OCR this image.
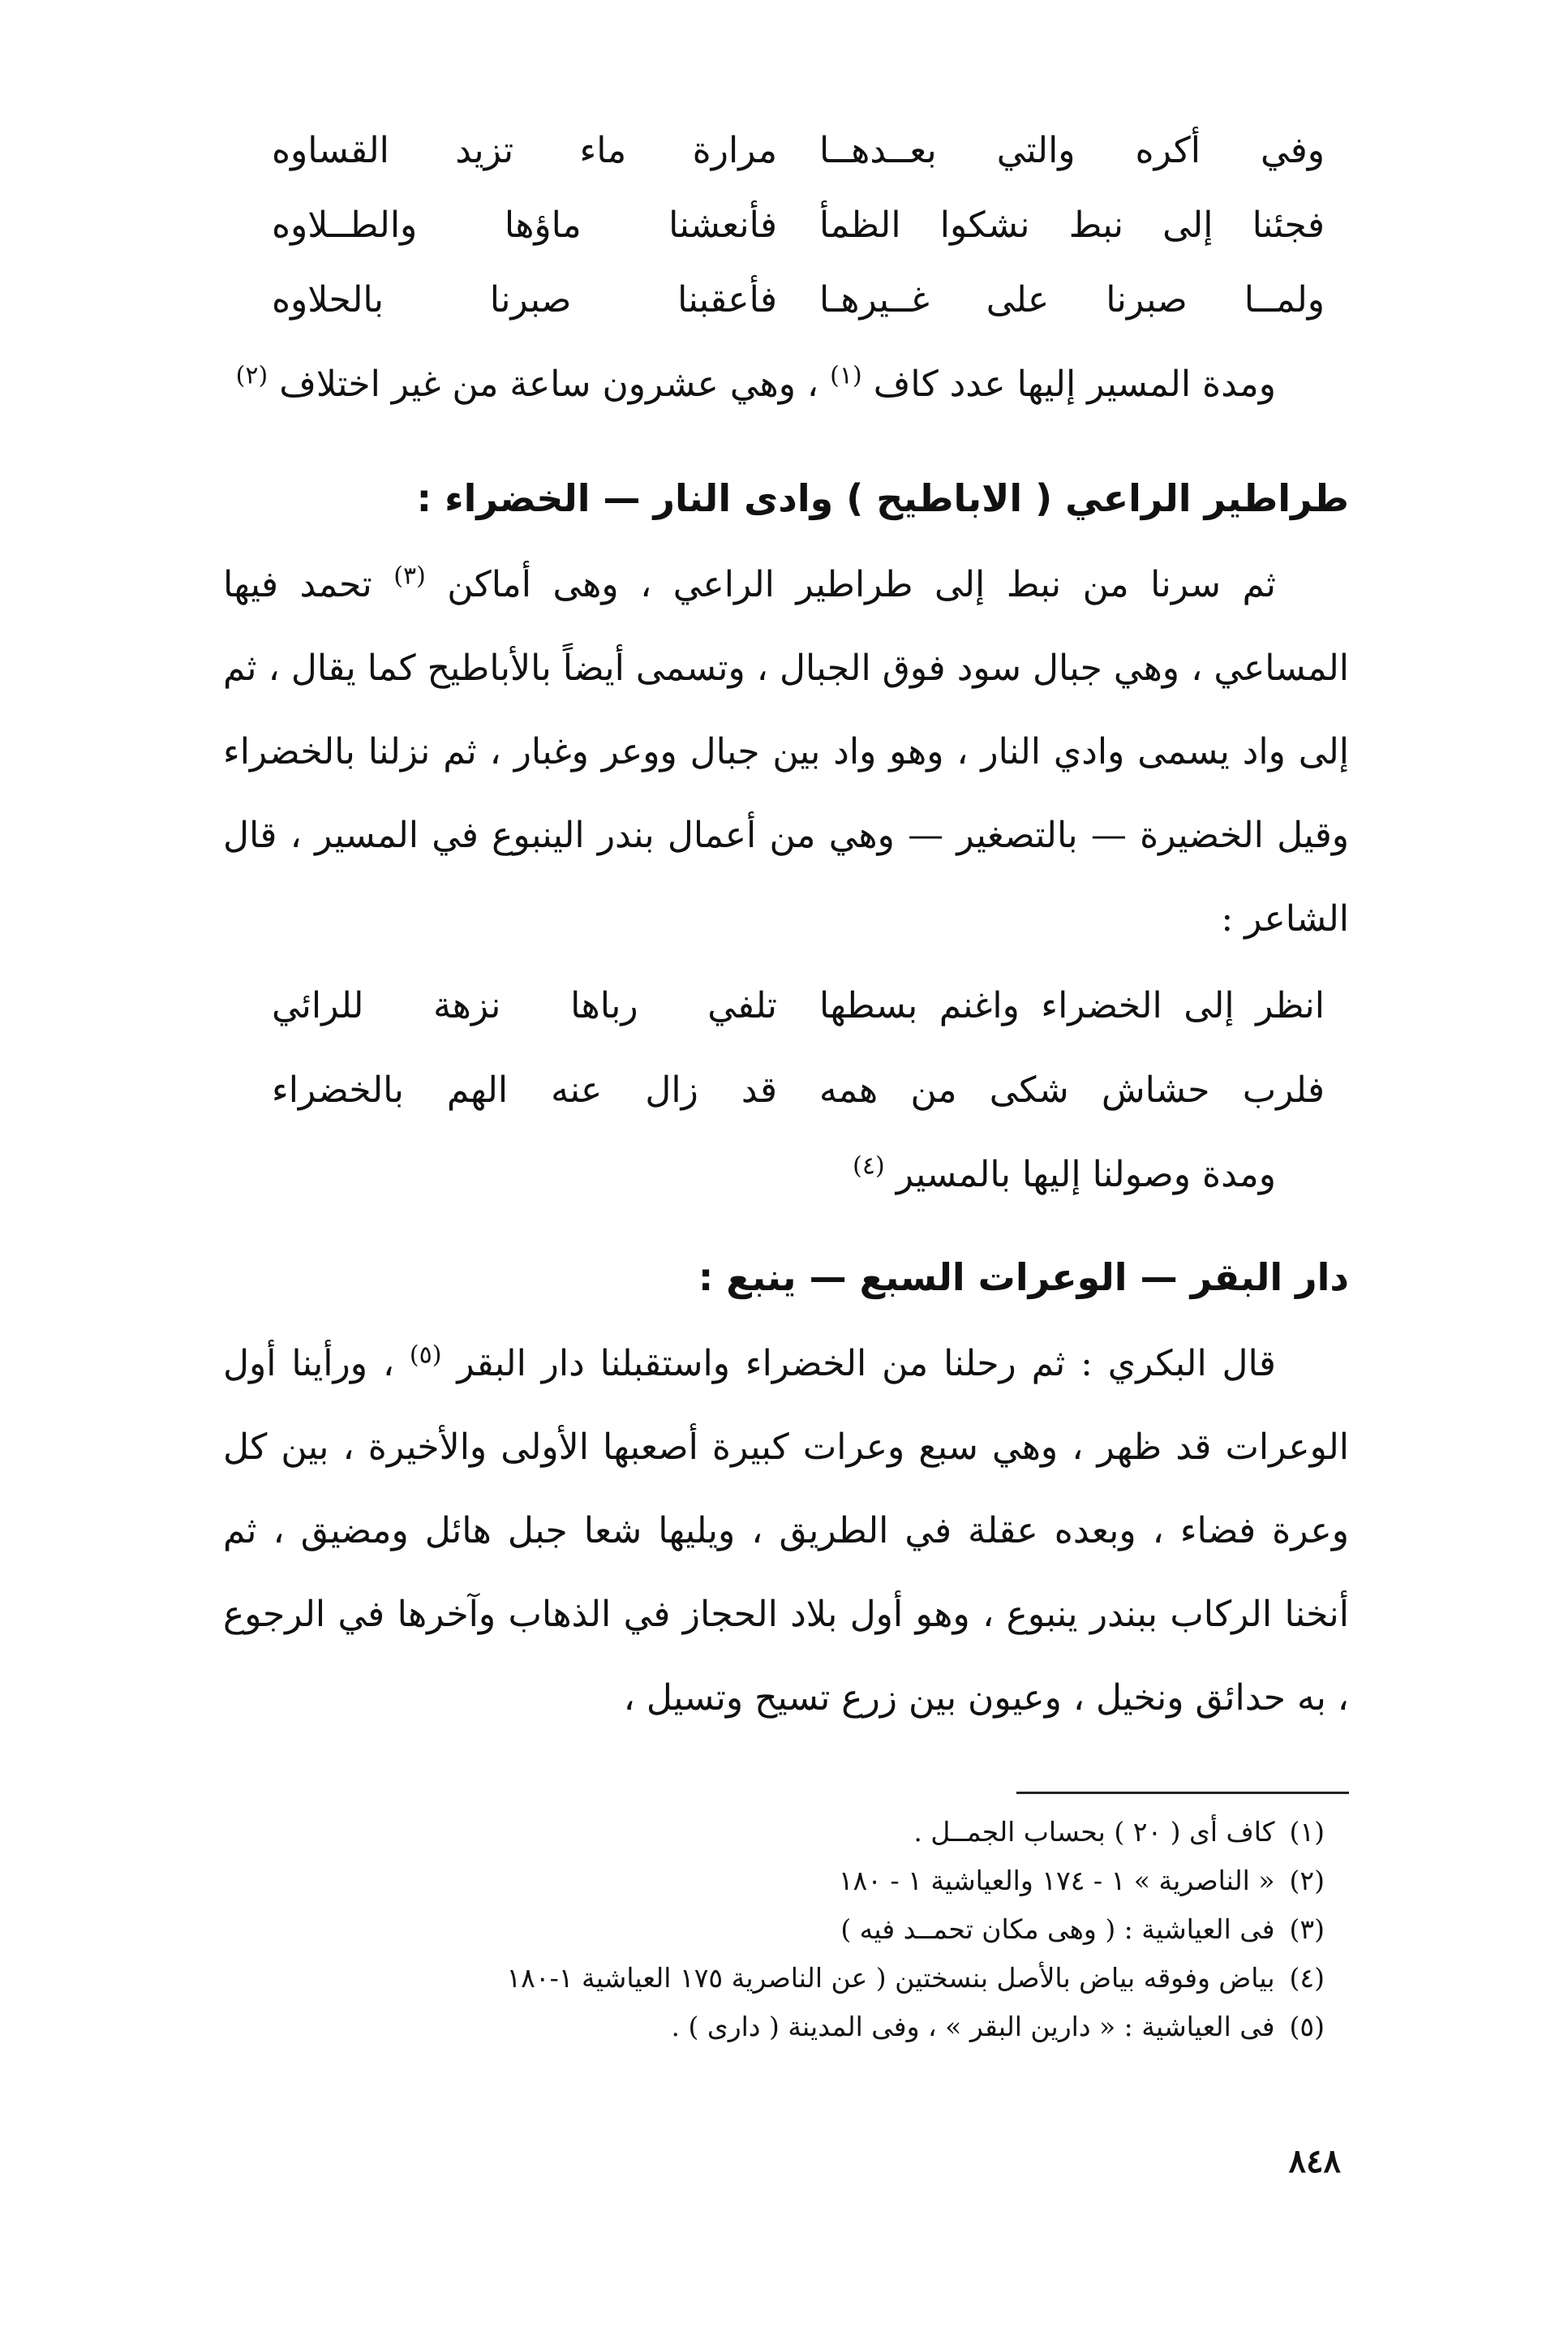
وفي أكره والتي بعــدهــا
مرارة ماء تزيد القساوه
فجئنا إلى نبط نشكوا الظمأ
فأنعشنا ماؤها والطــلاوه
ولمــا صبرنا على غــيرهـا
فأعقبنا صبرنا بالحلاوه

ومدة المسير إليها عدد كاف $^{(١)}$ ، وهي عشرون ساعة من غير اختلاف $^{(٢)}$

طراطير الراعي ( الاباطيح ) وادى النار — الخضراء :

ثم سرنا من نبط إلى طراطير الراعي ، وهى أماكن $^{(٣)}$ تحمد فيها المساعي ، وهي جبال سود فوق الجبال ، وتسمى أيضاً بالأباطيح كما يقال ، ثم إلى واد يسمى وادي النار ، وهو واد بين جبال ووعر وغبار ، ثم نزلنا بالخضراء وقيل الخضيرة — بالتصغير — وهي من أعمال بندر الينبوع في المسير ، قال الشاعر :

انظر إلى الخضراء واغنم بسطها
تلفي رباها نزهة للرائي
فلرب حشاش شكى من همه
قد زال عنه الهم بالخضراء

ومدة وصولنا إليها بالمسير $^{(٤)}$

دار البقر — الوعرات السبع — ينبع :

قال البكري : ثم رحلنا من الخضراء واستقبلنا دار البقر $^{(٥)}$ ، ورأينا أول الوعرات قد ظهر ، وهي سبع وعرات كبيرة أصعبها الأولى والأخيرة ، بين كل وعرة فضاء ، وبعده عقلة في الطريق ، ويليها شعا جبل هائل ومضيق ، ثم أنخنا الركاب ببندر ينبوع ، وهو أول بلاد الحجاز في الذهاب وآخرها في الرجوع ، به حدائق ونخيل ، وعيون بين زرع تسيح وتسيل ،

(١)كاف أى ( ٢٠ ) بحساب الجمــل .
(٢)« الناصرية » ١ - ١٧٤ والعياشية ١ - ١٨٠
(٣)فى العياشية : ( وهى مكان تحمــد فيه )
(٤)بياض وفوقه بياض بالأصل بنسختين ( عن الناصرية ١٧٥ العياشية ١-١٨٠
(٥)فى العياشية : « دارين البقر » ، وفى المدينة ( دارى ) .
٨٤٨
